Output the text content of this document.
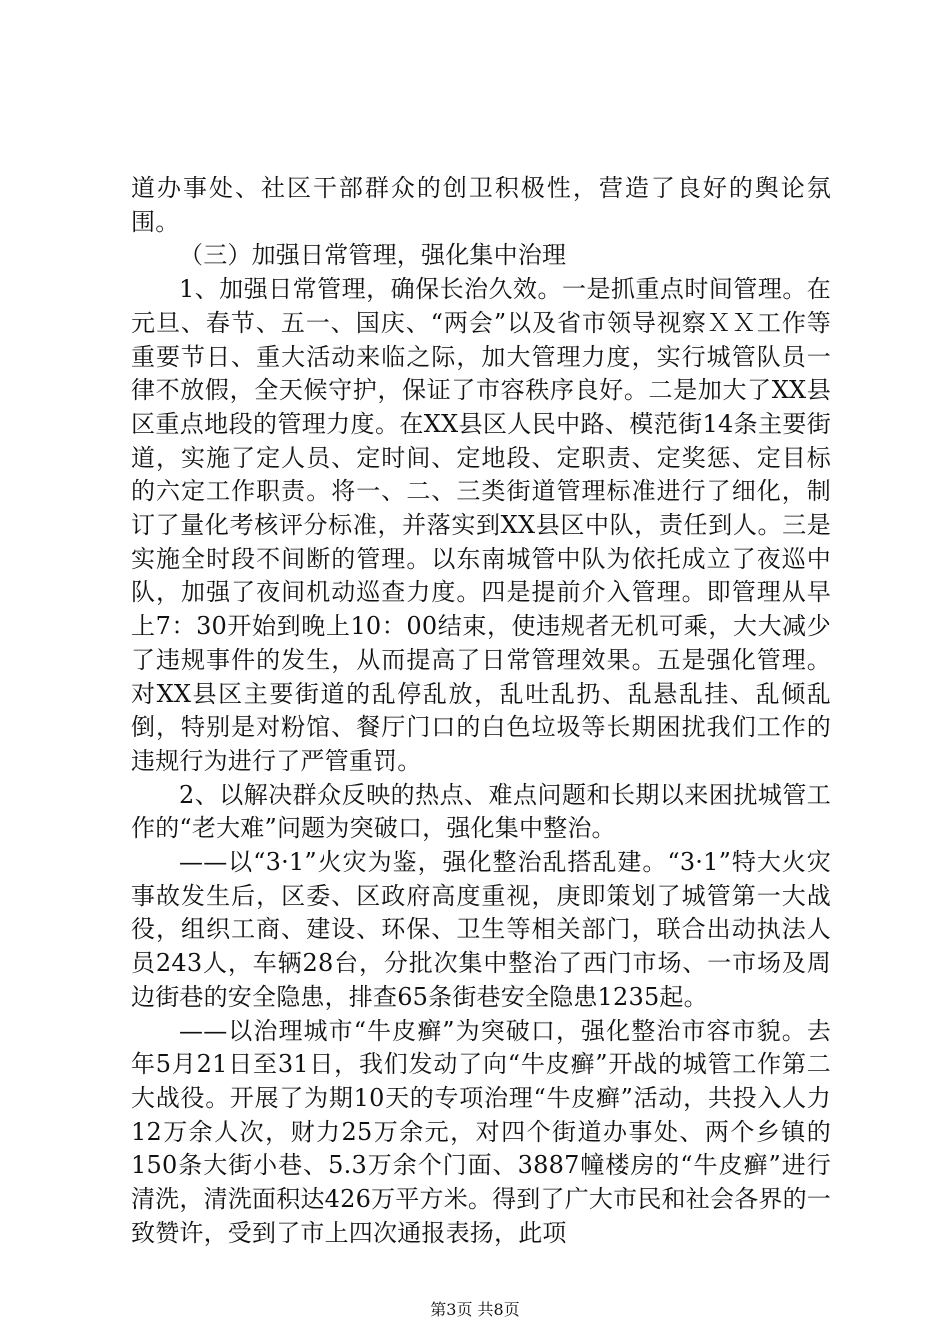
道办事处、社区干部群众的创卫积极性，营造了良好的舆论氛围。

（三）加强日常管理，强化集中治理

1、加强日常管理，确保长治久效。一是抓重点时间管理。在元旦、春节、五一、国庆、“两会”以及省市领导视察ＸＸ工作等重要节日、重大活动来临之际，加大管理力度，实行城管队员一律不放假，全天候守护，保证了市容秩序良好。二是加大了XX县区重点地段的管理力度。在XX县区人民中路、模范街14条主要街道，实施了定人员、定时间、定地段、定职责、定奖惩、定目标的六定工作职责。将一、二、三类街道管理标准进行了细化，制订了量化考核评分标准，并落实到XX县区中队，责任到人。三是实施全时段不间断的管理。以东南城管中队为依托成立了夜巡中队，加强了夜间机动巡查力度。四是提前介入管理。即管理从早上7：30开始到晚上10：00结束，使违规者无机可乘，大大减少了违规事件的发生，从而提高了日常管理效果。五是强化管理。对XX县区主要街道的乱停乱放，乱吐乱扔、乱悬乱挂、乱倾乱倒，特别是对粉馆、餐厅门口的白色垃圾等长期困扰我们工作的违规行为进行了严管重罚。

2、以解决群众反映的热点、难点问题和长期以来困扰城管工作的“老大难”问题为突破口，强化集中整治。

——以“3·1”火灾为鉴，强化整治乱搭乱建。“3·1”特大火灾事故发生后，区委、区政府高度重视，庚即策划了城管第一大战役，组织工商、建设、环保、卫生等相关部门，联合出动执法人员243人，车辆28台，分批次集中整治了西门市场、一市场及周边街巷的安全隐患，排查65条街巷安全隐患1235起。

——以治理城市“牛皮癣”为突破口，强化整治市容市貌。去年5月21日至31日，我们发动了向“牛皮癣”开战的城管工作第二大战役。开展了为期10天的专项治理“牛皮癣”活动，共投入人力12万余人次，财力25万余元，对四个街道办事处、两个乡镇的150条大街小巷、5.3万余个门面、3887幢楼房的“牛皮癣”进行清洗，清洗面积达426万平方米。得到了广大市民和社会各界的一致赞许，受到了市上四次通报表扬，此项

第3页 共8页
